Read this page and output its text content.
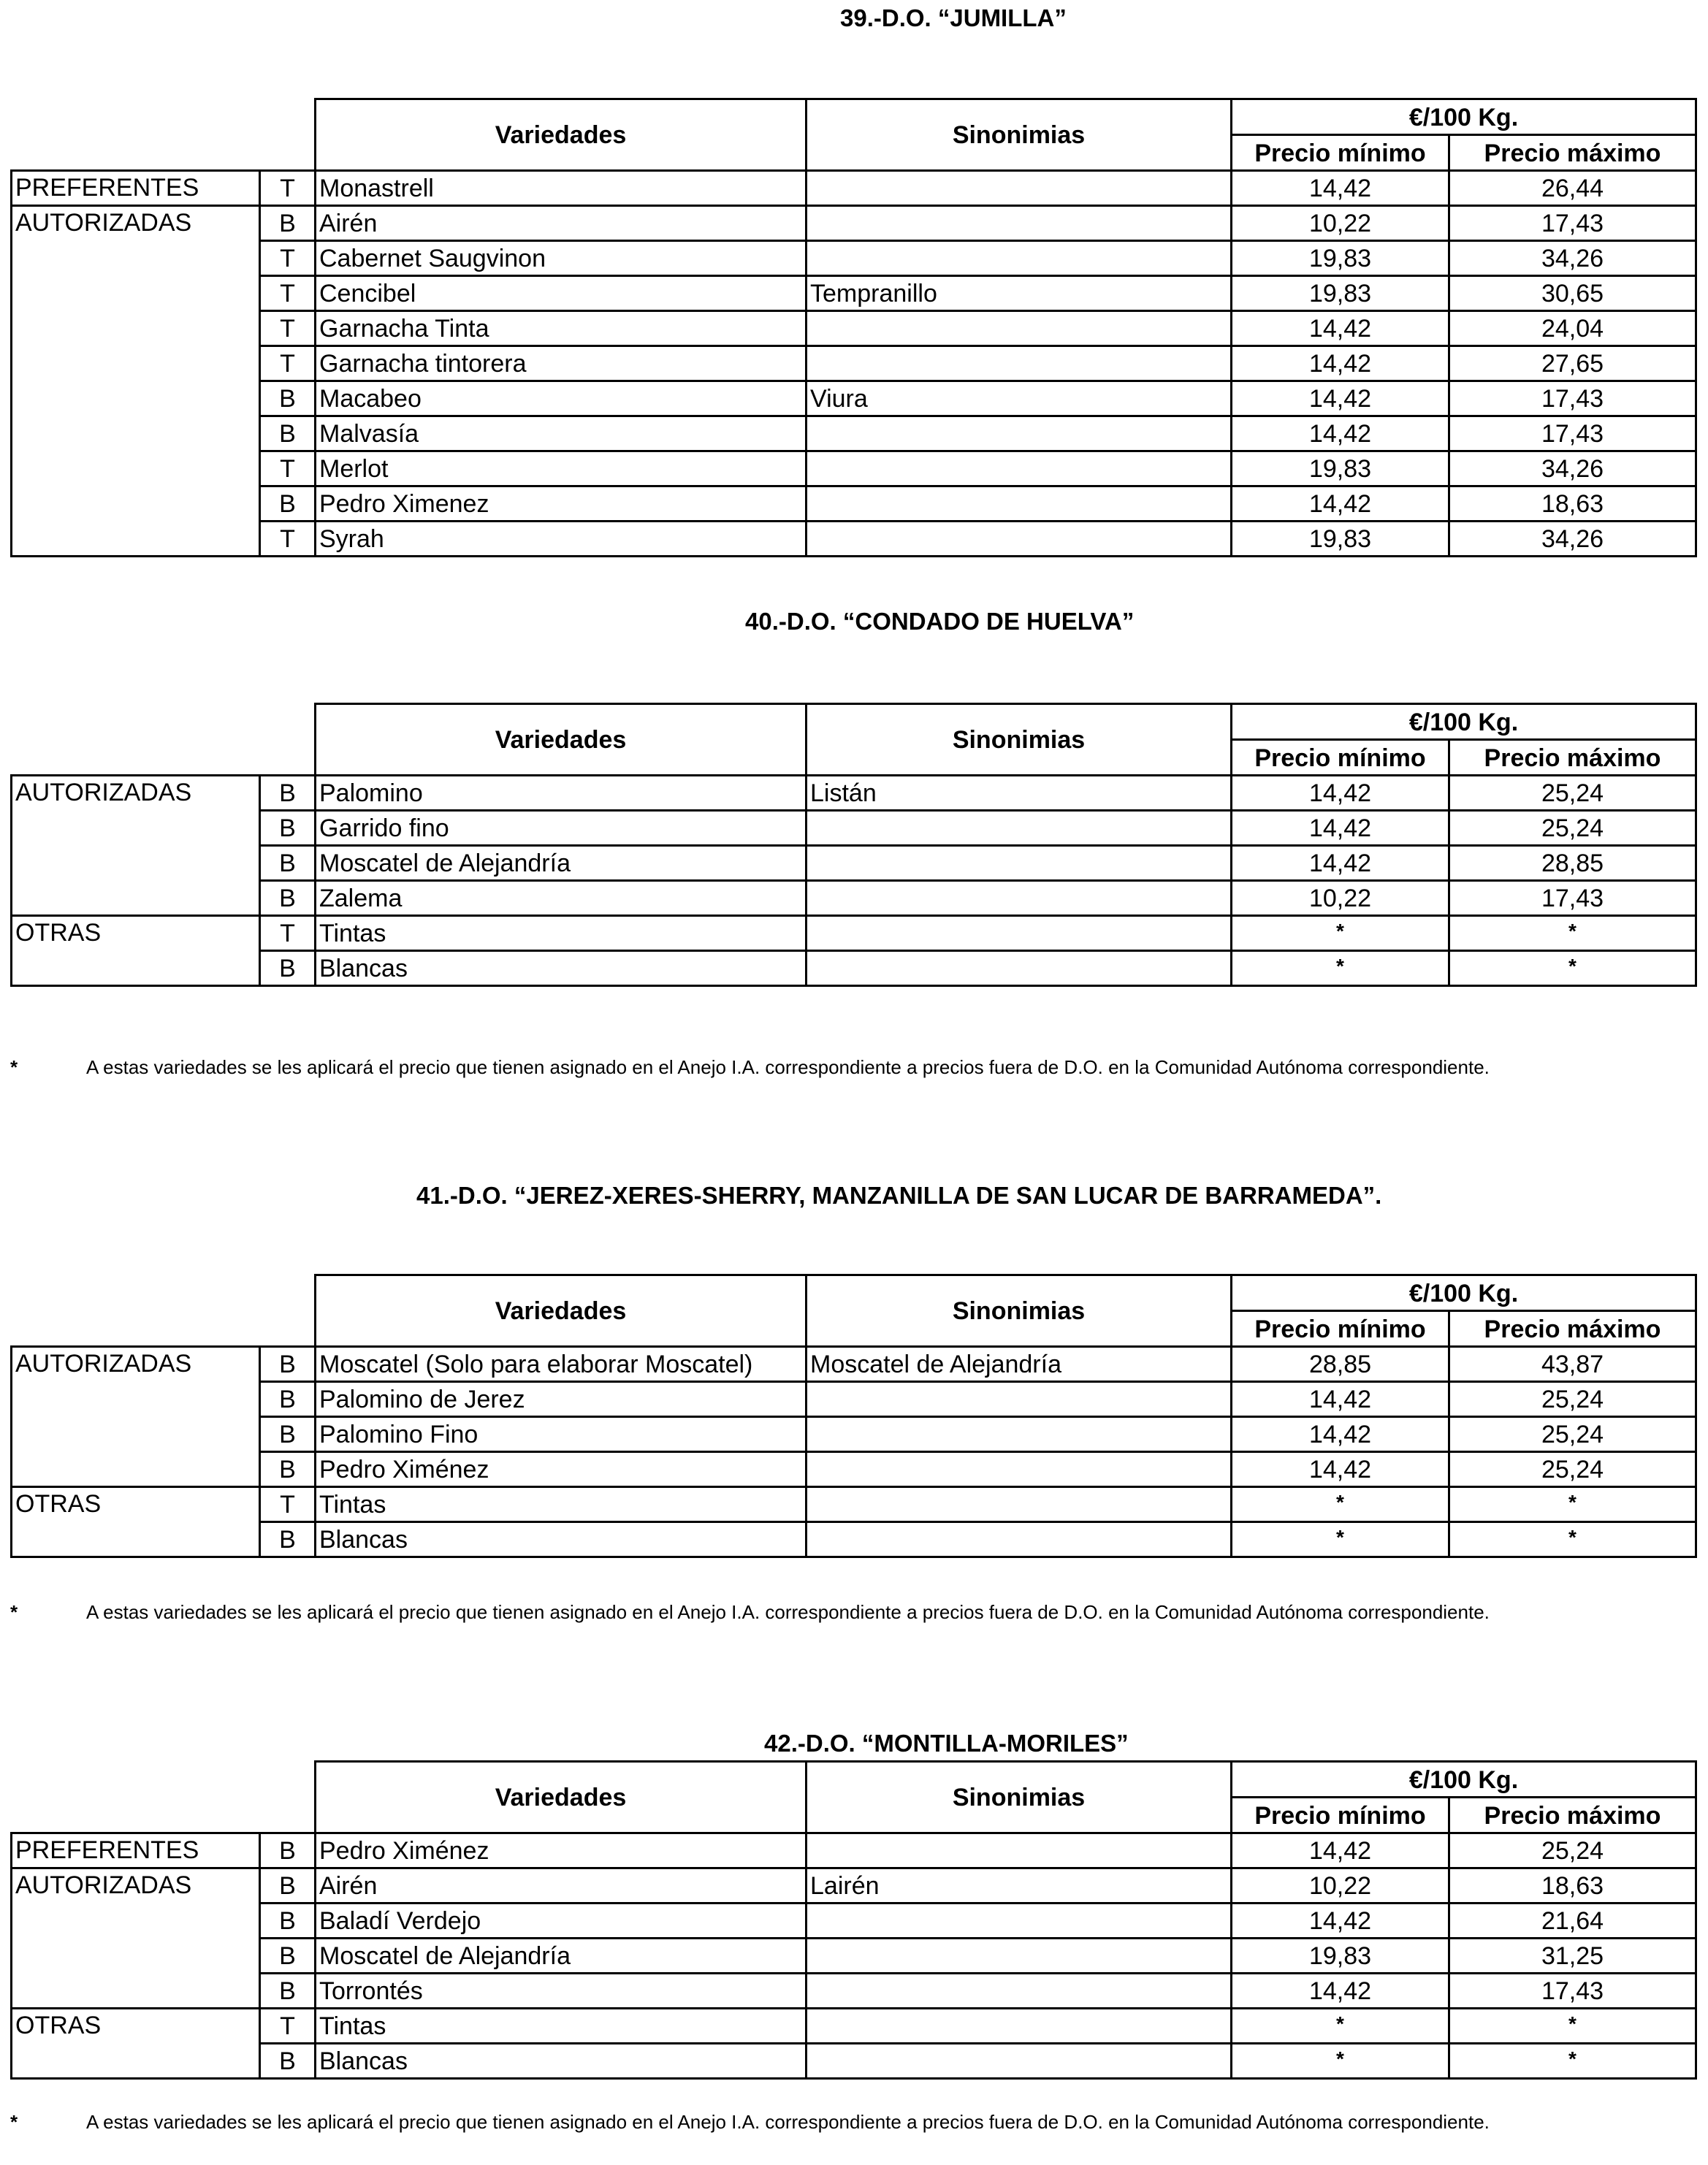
39.-D.O. “JUMILLA”
		Variedades	Sinonimias	€/100 Kg.	
				Precio mínimo	Precio máximo
PREFERENTES	T	Monastrell		14,42	26,44
AUTORIZADAS	B	Airén		10,22	17,43
	T	Cabernet Saugvinon		19,83	34,26
	T	Cencibel	Tempranillo	19,83	30,65
	T	Garnacha Tinta		14,42	24,04
	T	Garnacha tintorera		14,42	27,65
	B	Macabeo	Viura	14,42	17,43
	B	Malvasía		14,42	17,43
	T	Merlot		19,83	34,26
	B	Pedro Ximenez		14,42	18,63
	T	Syrah		19,83	34,26
40.-D.O. “CONDADO DE HUELVA”
		Variedades	Sinonimias	€/100 Kg.	
				Precio mínimo	Precio máximo
AUTORIZADAS	B	Palomino	Listán	14,42	25,24
	B	Garrido fino		14,42	25,24
	B	Moscatel de Alejandría		14,42	28,85
	B	Zalema		10,22	17,43
OTRAS	T	Tintas		*	*
	B	Blancas		*	*
*	A estas variedades se les aplicará el precio que tienen asignado en el Anejo I.A. correspondiente a precios fuera de D.O. en la Comunidad Autónoma correspondiente.
41.-D.O. “JEREZ-XERES-SHERRY, MANZANILLA DE SAN LUCAR DE BARRAMEDA”.
		Variedades	Sinonimias	€/100 Kg.	
				Precio mínimo	Precio máximo
AUTORIZADAS	B	Moscatel (Solo para elaborar Moscatel)	Moscatel de Alejandría	28,85	43,87
	B	Palomino de Jerez		14,42	25,24
	B	Palomino Fino		14,42	25,24
	B	Pedro Ximénez		14,42	25,24
OTRAS	T	Tintas		*	*
	B	Blancas		*	*
*	A estas variedades se les aplicará el precio que tienen asignado en el Anejo I.A. correspondiente a precios fuera de D.O. en la Comunidad Autónoma correspondiente.
42.-D.O. “MONTILLA-MORILES”
		Variedades	Sinonimias	€/100 Kg.	
				Precio mínimo	Precio máximo
PREFERENTES	B	Pedro Ximénez		14,42	25,24
AUTORIZADAS	B	Airén	Lairén	10,22	18,63
	B	Baladí Verdejo		14,42	21,64
	B	Moscatel de Alejandría		19,83	31,25
	B	Torrontés		14,42	17,43
OTRAS	T	Tintas		*	*
	B	Blancas		*	*
*	A estas variedades se les aplicará el precio que tienen asignado en el Anejo I.A. correspondiente a precios fuera de D.O. en la Comunidad Autónoma correspondiente.
